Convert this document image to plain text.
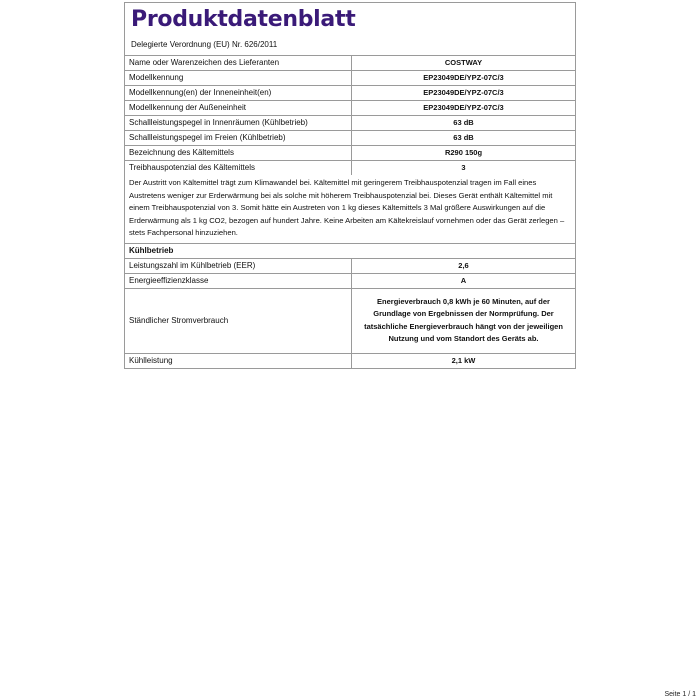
Produktdatenblatt
Delegierte Verordnung (EU) Nr. 626/2011
Name oder Warenzeichen des Lieferanten	COSTWAY
Modellkennung	EP23049DE/YPZ-07C/3
Modellkennung(en) der Inneneinheit(en)	EP23049DE/YPZ-07C/3
Modellkennung der Außeneinheit	EP23049DE/YPZ-07C/3
Schallleistungspegel in Innenräumen (Kühlbetrieb)	63 dB
Schallleistungspegel im Freien (Kühlbetrieb)	63 dB
Bezeichnung des Kältemittels	R290 150g
Treibhauspotenzial des Kältemittels	3
Der Austritt von Kältemittel trägt zum Klimawandel bei. Kältemittel mit geringerem Treibhauspotenzial tragen im Fall eines Austretens weniger zur Erderwärmung bei als solche mit höherem Treibhauspotenzial bei. Dieses Gerät enthält Kältemittel mit einem Treibhauspotenzial von 3. Somit hätte ein Austreten von 1 kg dieses Kältemittels 3 Mal größere Auswirkungen auf die Erderwärmung als 1 kg CO2, bezogen auf hundert Jahre. Keine Arbeiten am Kältekreislauf vornehmen oder das Gerät zerlegen – stets Fachpersonal hinzuziehen.
Kühlbetrieb
Leistungszahl im Kühlbetrieb (EER)	2,6
Energieeffizienzklasse	A
Ständlicher Stromverbrauch	Energieverbrauch 0,8 kWh je 60 Minuten, auf der Grundlage von Ergebnissen der Normprüfung. Der tatsächliche Energieverbrauch hängt von der jeweiligen Nutzung und vom Standort des Geräts ab.
Kühlleistung	2,1 kW
Seite 1 / 1
